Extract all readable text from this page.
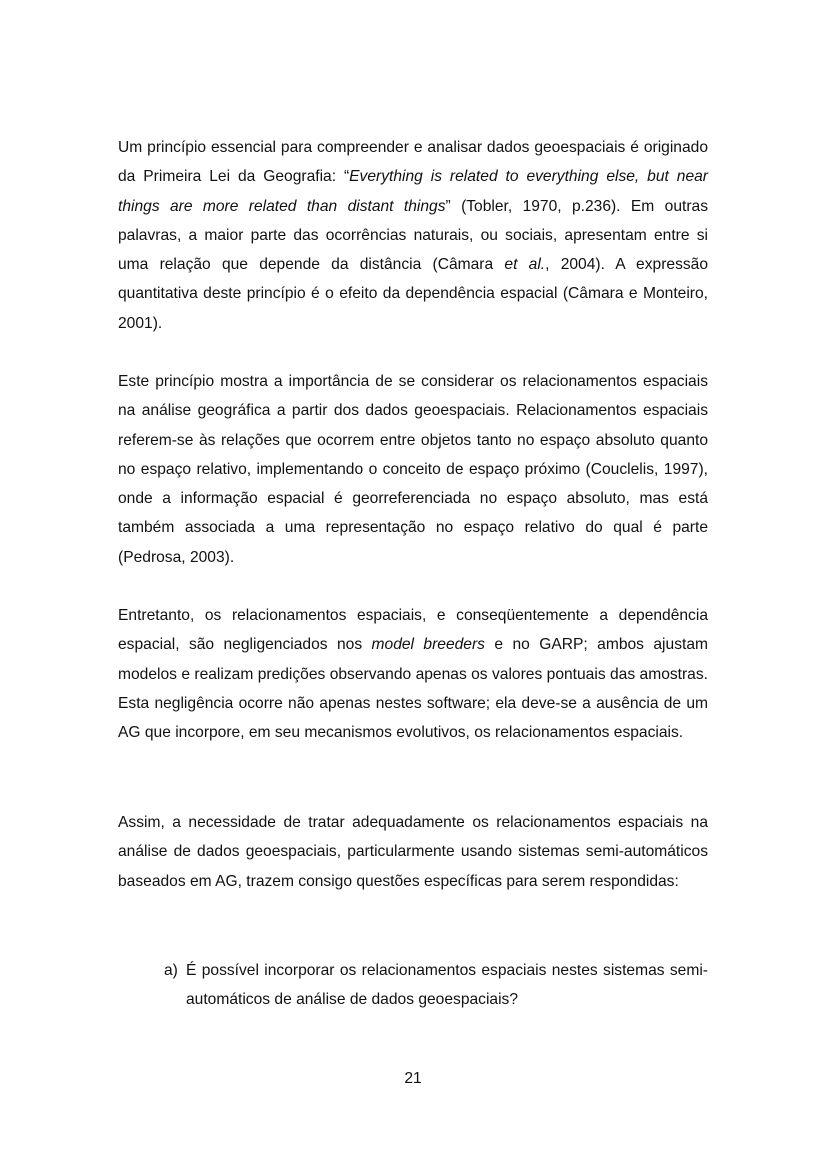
Um princípio essencial para compreender e analisar dados geoespaciais é originado da Primeira Lei da Geografia: “Everything is related to everything else, but near things are more related than distant things” (Tobler, 1970, p.236). Em outras palavras, a maior parte das ocorrências naturais, ou sociais, apresentam entre si uma relação que depende da distância (Câmara et al., 2004). A expressão quantitativa deste princípio é o efeito da dependência espacial (Câmara e Monteiro, 2001).

Este princípio mostra a importância de se considerar os relacionamentos espaciais na análise geográfica a partir dos dados geoespaciais. Relacionamentos espaciais referem-se às relações que ocorrem entre objetos tanto no espaço absoluto quanto no espaço relativo, implementando o conceito de espaço próximo (Couclelis, 1997), onde a informação espacial é georreferenciada no espaço absoluto, mas está também associada a uma representação no espaço relativo do qual é parte (Pedrosa, 2003).

Entretanto, os relacionamentos espaciais, e conseqüentemente a dependência espacial, são negligenciados nos model breeders e no GARP; ambos ajustam modelos e realizam predições observando apenas os valores pontuais das amostras. Esta negligência ocorre não apenas nestes software; ela deve-se a ausência de um AG que incorpore, em seu mecanismos evolutivos, os relacionamentos espaciais.

Assim, a necessidade de tratar adequadamente os relacionamentos espaciais na análise de dados geoespaciais, particularmente usando sistemas semi-automáticos baseados em AG, trazem consigo questões específicas para serem respondidas:

a) É possível incorporar os relacionamentos espaciais nestes sistemas semi-automáticos de análise de dados geoespaciais?
21
